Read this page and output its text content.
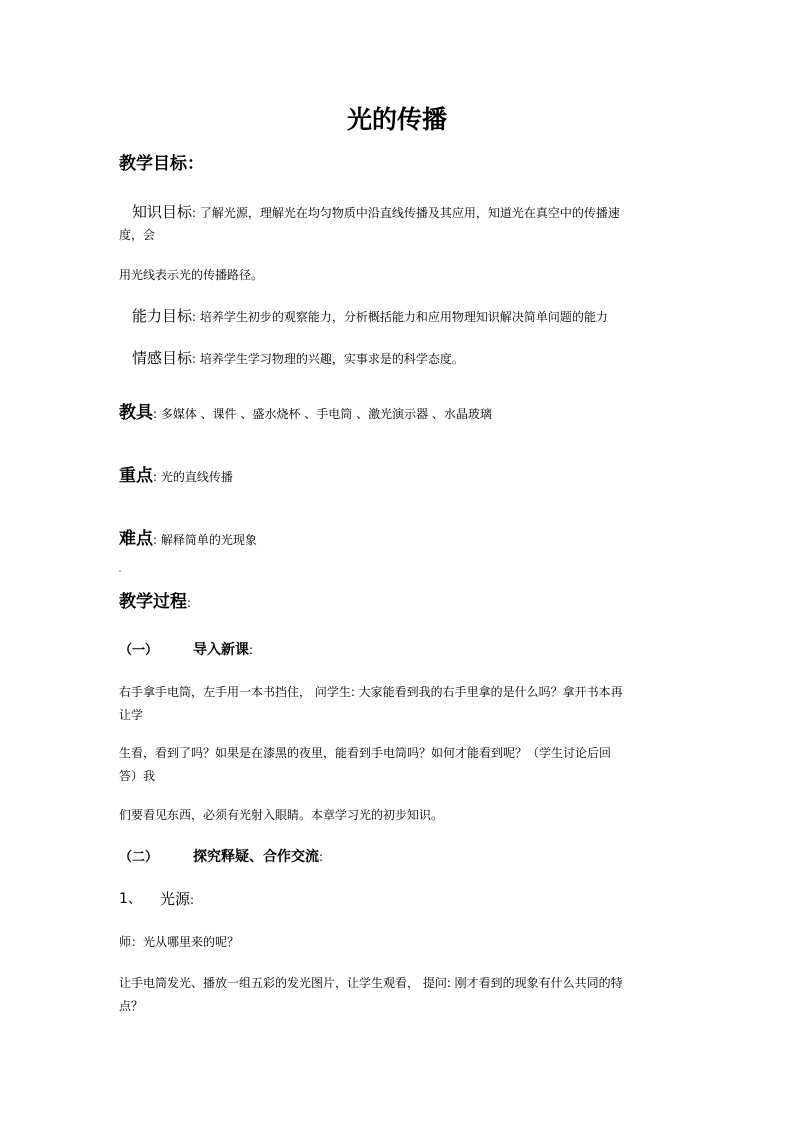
光的传播
教学目标：
知识目标: 了解光源，理解光在均匀物质中沿直线传播及其应用，知道光在真空中的传播速
度，会
用光线表示光的传播路径。
能力目标: 培养学生初步的观察能力，分析概括能力和应用物理知识解决简单问题的能力
情感目标: 培养学生学习物理的兴趣，实事求是的科学态度。
教具: 多媒体 、课件 、盛水烧杯 、手电筒 、激光演示器 、水晶玻璃
重点: 光的直线传播
难点: 解释简单的光现象
教学过程:
（一） 导入新课:
右手拿手电筒，左手用一本书挡住， 问学生: 大家能看到我的右手里拿的是什么吗？拿开书本再
让学
生看，看到了吗？如果是在漆黑的夜里，能看到手电筒吗？如何才能看到呢？（学生讨论后回
答）我
们要看见东西，必须有光射入眼睛。本章学习光的初步知识。
（二） 探究释疑、合作交流:
1、 光源:
师：光从哪里来的呢？
让手电筒发光、播放一组五彩的发光图片，让学生观看， 提问: 刚才看到的现象有什么共同的特
点？
